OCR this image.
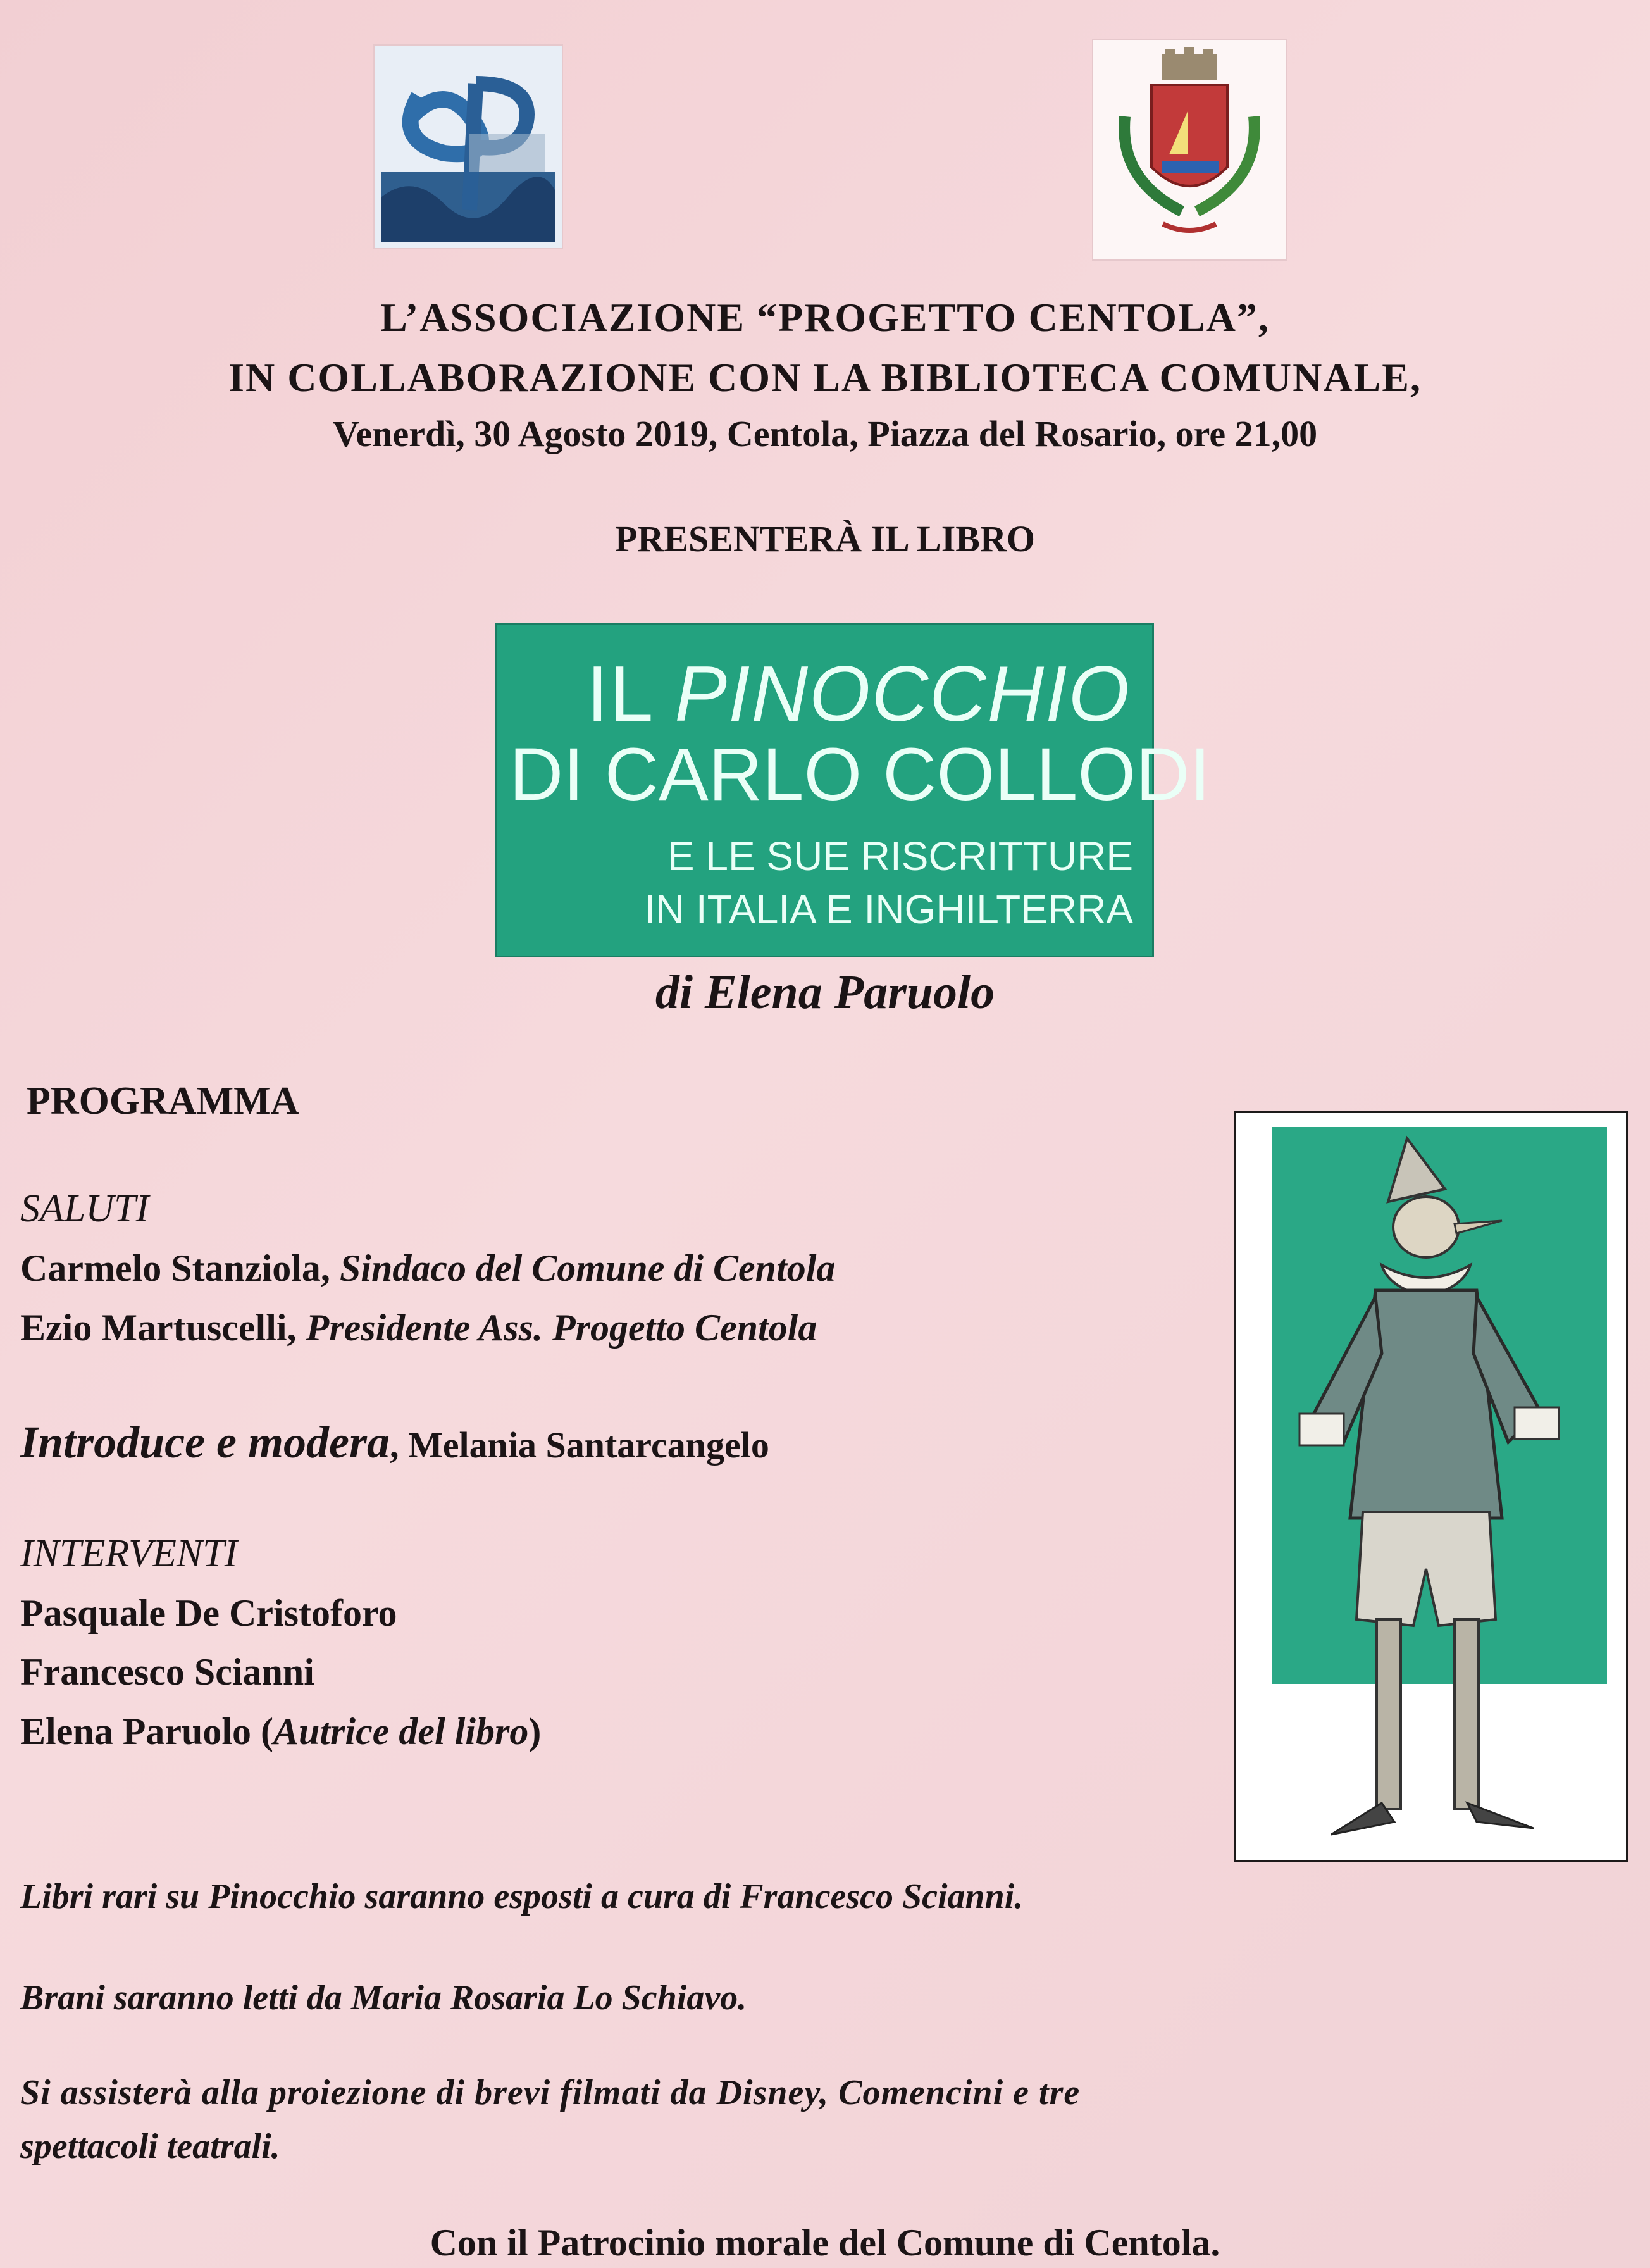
L’ASSOCIAZIONE “PROGETTO CENTOLA”,
IN COLLABORAZIONE CON LA BIBLIOTECA COMUNALE,
Venerdì, 30 Agosto 2019, Centola, Piazza del Rosario, ore 21,00
PRESENTERÀ IL LIBRO
IL PINOCCHIO
DI CARLO COLLODI
E LE SUE RISCRITTURE
IN ITALIA E INGHILTERRA
di Elena Paruolo
PROGRAMMA
SALUTI
Carmelo Stanziola, Sindaco del Comune di Centola
Ezio Martuscelli, Presidente Ass. Progetto Centola
Introduce e modera, Melania Santarcangelo
INTERVENTI
Pasquale De Cristoforo
Francesco Scianni
Elena Paruolo (Autrice del libro)
Libri rari su Pinocchio saranno esposti a cura di Francesco Scianni.
Brani saranno letti da Maria Rosaria Lo Schiavo.
Si assisterà alla proiezione di brevi filmati da Disney, Comencini e tre
spettacoli teatrali.
Con il Patrocinio morale del Comune di Centola.
